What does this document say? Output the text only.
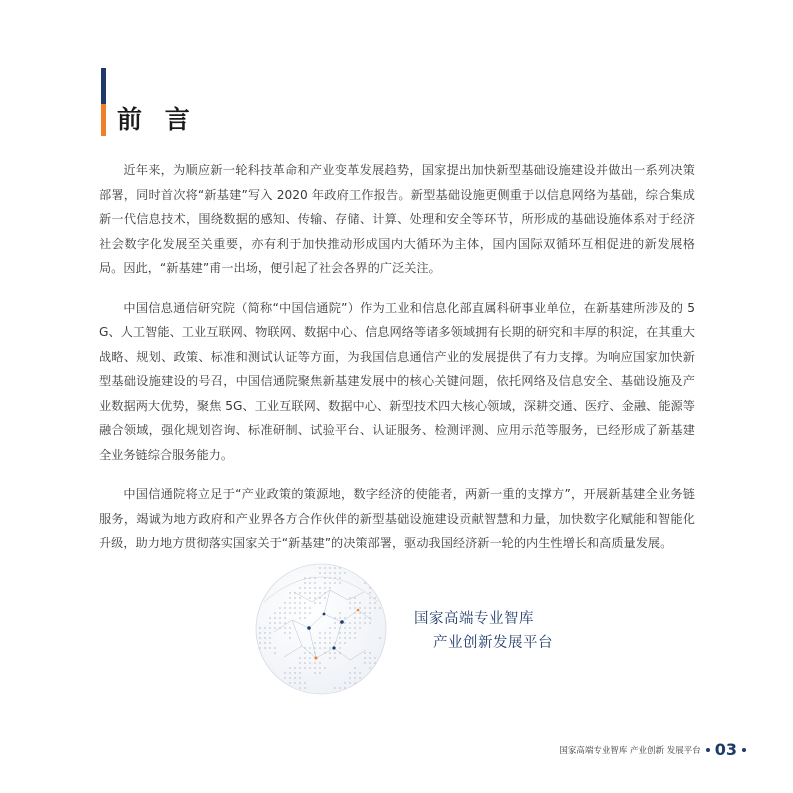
前 言

近年来，为顺应新一轮科技革命和产业变革发展趋势，国家提出加快新型基础设施建设并做出一系列决策部署，同时首次将“新基建”写入 2020 年政府工作报告。新型基础设施更侧重于以信息网络为基础，综合集成新一代信息技术，围绕数据的感知、传输、存储、计算、处理和安全等环节，所形成的基础设施体系对于经济社会数字化发展至关重要，亦有利于加快推动形成国内大循环为主体，国内国际双循环互相促进的新发展格局。因此，“新基建”甫一出场，便引起了社会各界的广泛关注。

中国信息通信研究院（简称“中国信通院”）作为工业和信息化部直属科研事业单位，在新基建所涉及的 5G、人工智能、工业互联网、物联网、数据中心、信息网络等诸多领域拥有长期的研究和丰厚的积淀，在其重大战略、规划、政策、标准和测试认证等方面，为我国信息通信产业的发展提供了有力支撑。为响应国家加快新型基础设施建设的号召，中国信通院聚焦新基建发展中的核心关键问题，依托网络及信息安全、基础设施及产业数据两大优势，聚焦 5G、工业互联网、数据中心、新型技术四大核心领域，深耕交通、医疗、金融、能源等融合领域，强化规划咨询、标准研制、试验平台、认证服务、检测评测、应用示范等服务，已经形成了新基建全业务链综合服务能力。

中国信通院将立足于“产业政策的策源地，数字经济的使能者，两新一重的支撑方”，开展新基建全业务链服务，竭诚为地方政府和产业界各方合作伙伴的新型基础设施建设贡献智慧和力量，加快数字化赋能和智能化升级，助力地方贯彻落实国家关于“新基建”的决策部署，驱动我国经济新一轮的内生性增长和高质量发展。

国家高端专业智库
产业创新发展平台
国家高端专业智库 产业创新 发展平台 03
